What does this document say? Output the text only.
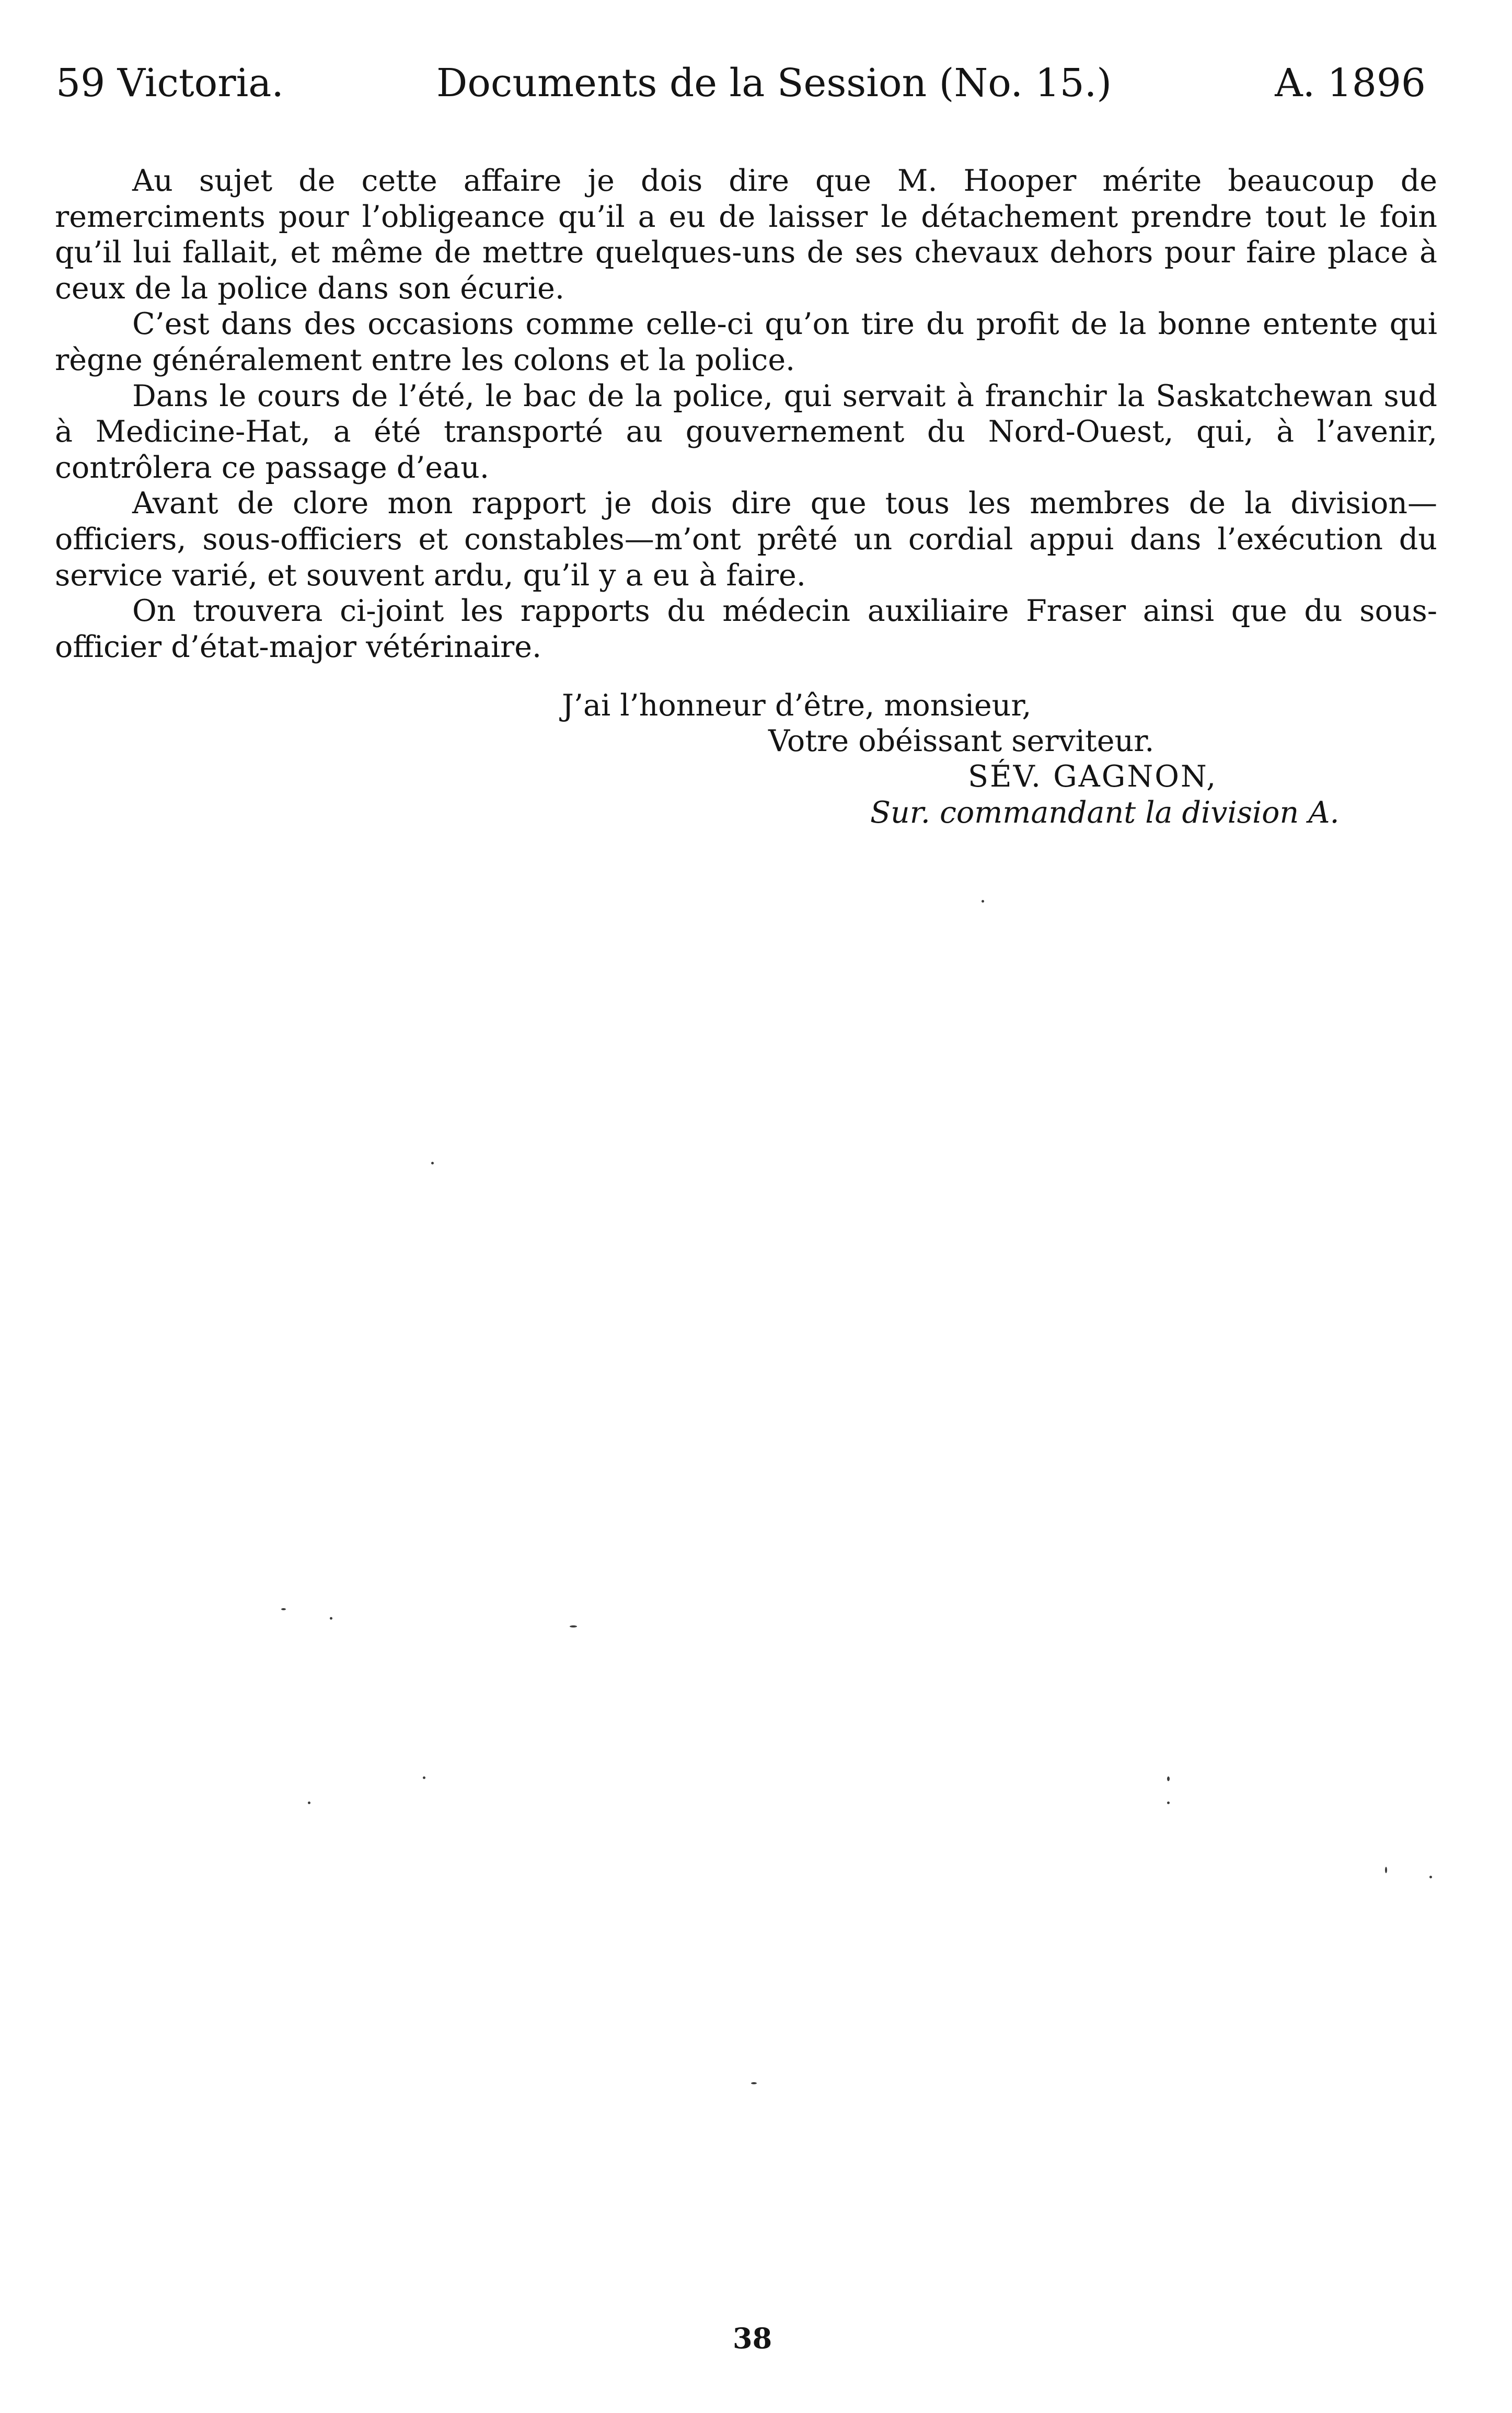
59 Victoria.	Documents de la Session (No. 15.)	A. 1896

Au sujet de cette affaire je dois dire que M. Hooper mérite beaucoup de remerciments pour l’obligeance qu’il a eu de laisser le détachement prendre tout le foin qu’il lui fallait, et même de mettre quelques-uns de ses chevaux dehors pour faire place à ceux de la police dans son écurie.

C’est dans des occasions comme celle-ci qu’on tire du profit de la bonne entente qui règne généralement entre les colons et la police.

Dans le cours de l’été, le bac de la police, qui servait à franchir la Saskatchewan sud à Medicine-Hat, a été transporté au gouvernement du Nord-Ouest, qui, à l’avenir, contrôlera ce passage d’eau.

Avant de clore mon rapport je dois dire que tous les membres de la division—officiers, sous-officiers et constables—m’ont prêté un cordial appui dans l’exécution du service varié, et souvent ardu, qu’il y a eu à faire.

On trouvera ci-joint les rapports du médecin auxiliaire Fraser ainsi que du sous-officier d’état-major vétérinaire.

J’ai l’honneur d’être, monsieur,
Votre obéissant serviteur.
SÉV. GAGNON,
Sur. commandant la division A.
38
